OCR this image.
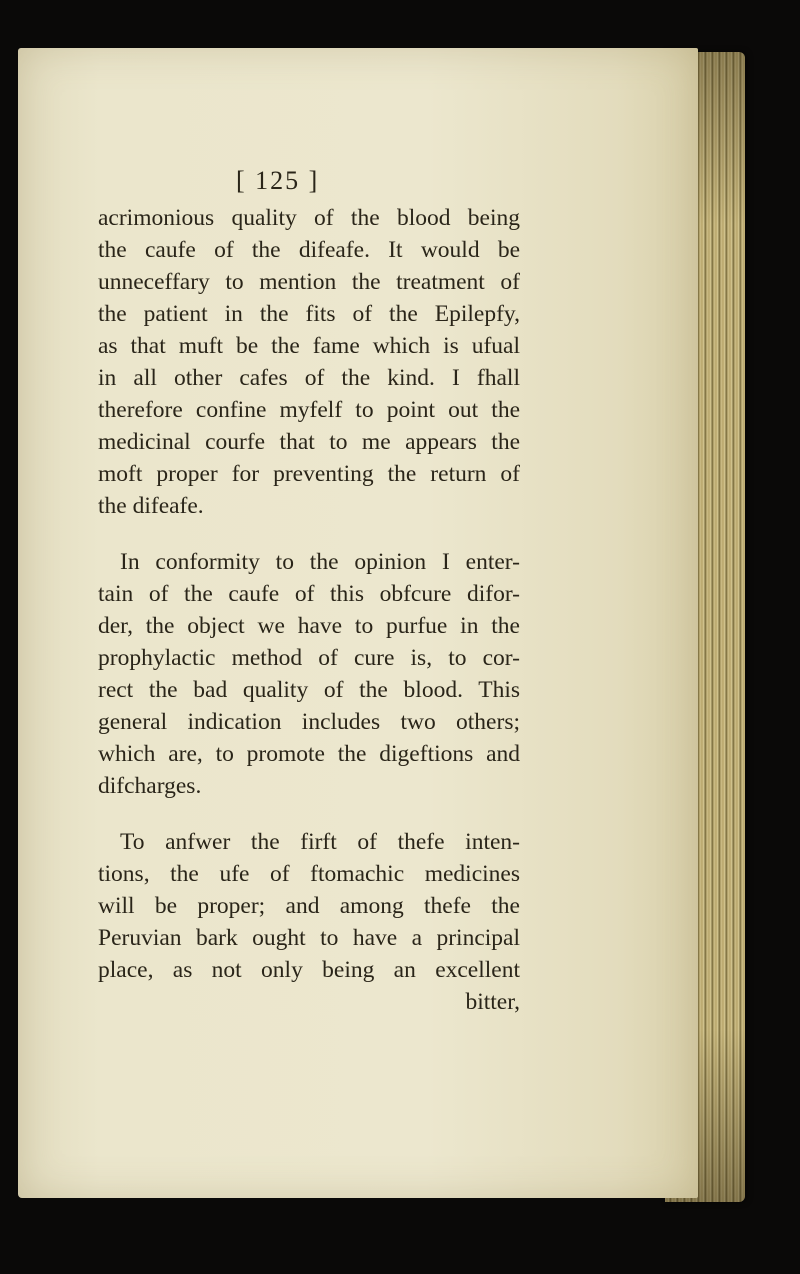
[ 125 ]
acrimonious quality of the blood being
the caufe of the difeafe. It would be
unneceffary to mention the treatment of
the patient in the fits of the Epilepfy,
as that muft be the fame which is ufual
in all other cafes of the kind. I fhall
therefore confine myfelf to point out the
medicinal courfe that to me appears the
moft proper for preventing the return of
the difeafe.
In conformity to the opinion I enter-
tain of the caufe of this obfcure difor-
der, the object we have to purfue in the
prophylactic method of cure is, to cor-
rect the bad quality of the blood. This
general indication includes two others;
which are, to promote the digeftions and
difcharges.
To anfwer the firft of thefe inten-
tions, the ufe of ftomachic medicines
will be proper; and among thefe the
Peruvian bark ought to have a principal
place, as not only being an excellent
bitter,
